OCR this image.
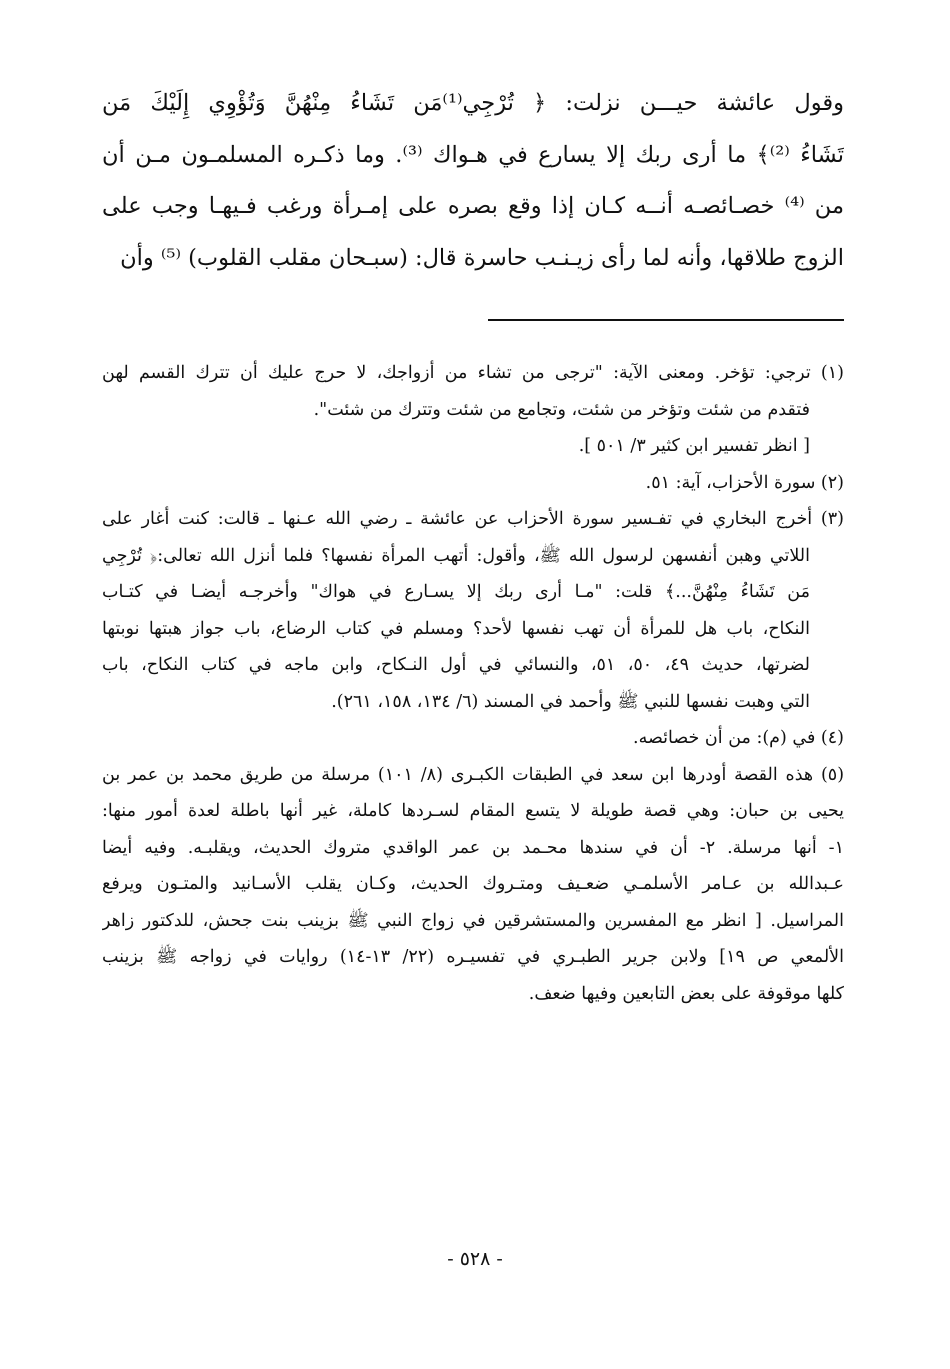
وقول عائشة حيـــن نزلت: ﴿ تُرْجِي⁽¹⁾مَن تَشَاءُ مِنْهُنَّ وَتُؤْوِي إِلَيْكَ مَن
تَشَاءُ ⁽²⁾﴾ ما أرى ربك إلا يسارع في هـواك ⁽³⁾. وما ذكـره المسلمـون مـن أن
من ⁽⁴⁾ خصـائصـه أنــه كـان إذا وقع بصره على إمـرأة ورغب فـيهـا وجب على
الزوج طلاقها، وأنه لما رأى زيـنـب حاسرة قال: (سبـحان مقلب القلوب) ⁽⁵⁾ وأن
(١) ترجي: تؤخر. ومعنى الآية: "ترجى من تشاء من أزواجك، لا حرج عليك أن تترك القسم لهن
فتقدم من شئت وتؤخر من شئت، وتجامع من شئت وتترك من شئت".
[ انظر تفسير ابن كثير ٣/ ٥٠١ ].
(٢) سورة الأحزاب، آية: ٥١.
(٣) أخرج البخاري في تفـسير سورة الأحزاب عن عائشة ـ رضي الله عـنها ـ قالت: كنت أغار على
اللاتي وهبن أنفسهن لرسول الله ﷺ، وأقول: أتهب المرأة نفسها؟ فلما أنزل الله تعالى:﴿ تُرْجِي
مَن تَشَاءُ مِنْهُنَّ...﴾ قلت: "مـا أرى ربك إلا يسـارع في هواك" وأخرجـه أيضـا في كتـاب
النكاح، باب هل للمرأة أن تهب نفسها لأحد؟ ومسلم في كتاب الرضاع، باب جواز هبتها نوبتها
لضرتها، حديث ٤٩، ٥٠، ٥١، والنسائي في أول النـكاح، وابن ماجه في كتاب النكاح، باب
التي وهبت نفسها للنبي ﷺ وأحمد في المسند (٦/ ١٣٤، ١٥٨، ٢٦١).
(٤) في (م): من أن خصائصه.
(٥) هذه القصة أودرها ابن سعد في الطبقات الكبـرى (٨/ ١٠١) مرسلة من طريق محمد بن عمر بن
يحيى بن حبان: وهي قصة طويلة لا يتسع المقام لسـردها كاملة، غير أنها باطلة لعدة أمور منها:
١- أنها مرسلة. ٢- أن في سندها محـمد بن عمر الواقدي متروك الحديث، ويقلبـه. وفيه أيضا
عـبدالله بن عـامر الأسلمـي ضعـيف ومتـروك الحديث، وكـان يقلب الأسـانيد والمتـون ويرفع
المراسيل. [ انظر مع المفسرين والمستشرقين في زواج النبي ﷺ بزينب بنت جحش، للدكتور زاهر
الألمعي ص ١٩] ولابن جرير الطبـري في تفسيـره (٢٢/ ١٣-١٤) روايات في زواجه ﷺ بزينب
كلها موقوفة على بعض التابعين وفيها ضعف.
- ٥٢٨ -
